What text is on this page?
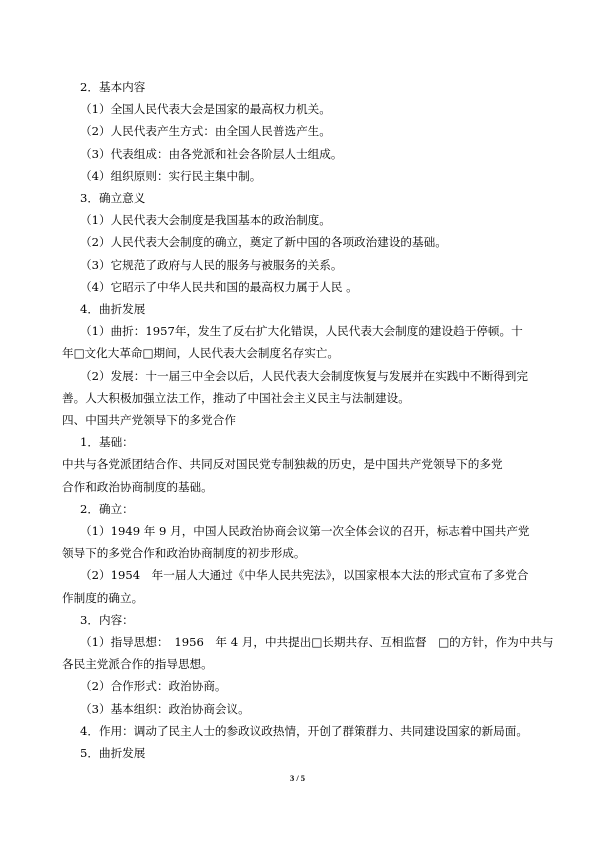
2．基本内容
（1）全国人民代表大会是国家的最高权力机关。
（2）人民代表产生方式：由全国人民普选产生。
（3）代表组成：由各党派和社会各阶层人士组成。
（4）组织原则：实行民主集中制。
3．确立意义
（1）人民代表大会制度是我国基本的政治制度。
（2）人民代表大会制度的确立，奠定了新中国的各项政治建设的基础。
（3）它规范了政府与人民的服务与被服务的关系。
（4）它昭示了中华人民共和国的最高权力属于人民 。
4．曲折发展
（1）曲折：1957年，发生了反右扩大化错误，人民代表大会制度的建设趋于停顿。十
年□文化大革命□期间，人民代表大会制度名存实亡。
（2）发展：十一届三中全会以后，人民代表大会制度恢复与发展并在实践中不断得到完
善。人大积极加强立法工作，推动了中国社会主义民主与法制建设。
四、中国共产党领导下的多党合作
1．基础：
中共与各党派团结合作、共同反对国民党专制独裁的历史，是中国共产党领导下的多党
合作和政治协商制度的基础。
2．确立：
（1）1949 年 9 月，中国人民政治协商会议第一次全体会议的召开，标志着中国共产党
领导下的多党合作和政治协商制度的初步形成。
（2）1954　年一届人大通过《中华人民共宪法》，以国家根本大法的形式宣布了多党合
作制度的确立。
3．内容：
（1）指导思想：　1956　年 4 月，中共提出□长期共存、互相监督　□的方针，作为中共与
各民主党派合作的指导思想。
（2）合作形式：政治协商。
（3）基本组织：政治协商会议。
4．作用：调动了民主人士的参政议政热情，开创了群策群力、共同建设国家的新局面。
5．曲折发展
3 / 5
